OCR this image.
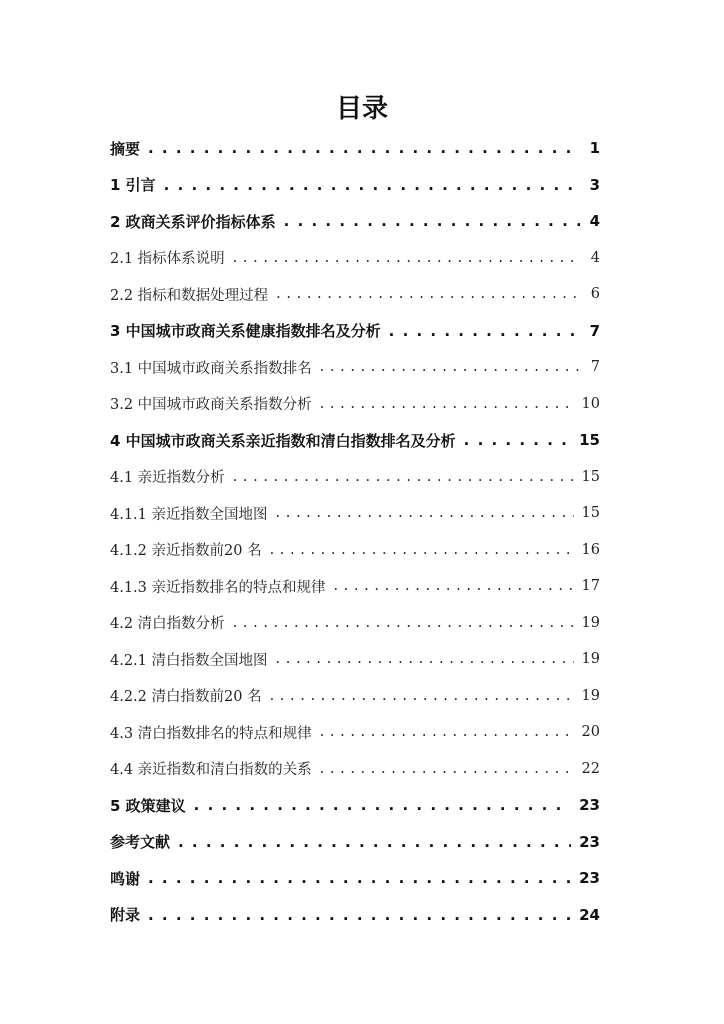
目录
摘要 . . .	1
1 引言 . . .	3
2 政商关系评价指标体系 . . .	4
2.1 指标体系说明 . . .	4
2.2 指标和数据处理过程 . . .	6
3 中国城市政商关系健康指数排名及分析 . . .	7
3.1 中国城市政商关系指数排名 . . .	7
3.2 中国城市政商关系指数分析 . . .	10
4 中国城市政商关系亲近指数和清白指数排名及分析 . . .	15
4.1 亲近指数分析 . . .	15
4.1.1 亲近指数全国地图 . . .	15
4.1.2 亲近指数前20 名 . . .	16
4.1.3 亲近指数排名的特点和规律 . . .	17
4.2 清白指数分析 . . .	19
4.2.1 清白指数全国地图 . . .	19
4.2.2 清白指数前20 名 . . .	19
4.3 清白指数排名的特点和规律 . . .	20
4.4 亲近指数和清白指数的关系 . . .	22
5 政策建议 . . .	23
参考文献 . . .	23
鸣谢 . . .	23
附录 . . .	24
